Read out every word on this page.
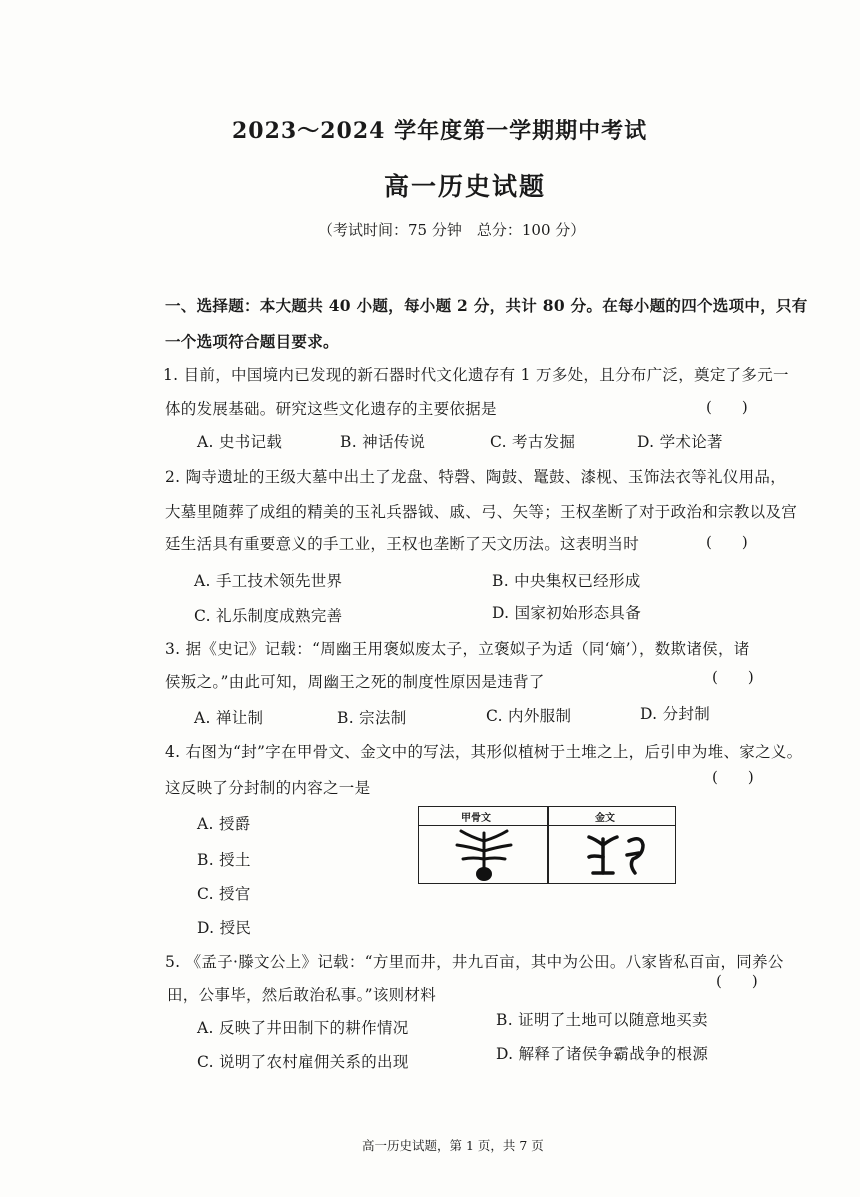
2023～2024 学年度第一学期期中考试
高一历史试题
（考试时间：75 分钟　总分：100 分）
一、选择题：本大题共 40 小题，每小题 2 分，共计 80 分。在每小题的四个选项中，只有
一个选项符合题目要求。
1. 目前，中国境内已发现的新石器时代文化遗存有 1 万多处，且分布广泛，奠定了多元一
体的发展基础。研究这些文化遗存的主要依据是	(　　)
A. 史书记载	B. 神话传说	C. 考古发掘	D. 学术论著
2. 陶寺遗址的王级大墓中出土了龙盘、特磬、陶鼓、鼍鼓、漆枧、玉饰法衣等礼仪用品，
大墓里随葬了成组的精美的玉礼兵器钺、戚、弓、矢等；王权垄断了对于政治和宗教以及宫
廷生活具有重要意义的手工业，王权也垄断了天文历法。这表明当时	(　　)
A. 手工技术领先世界	B. 中央集权已经形成
C. 礼乐制度成熟完善	D. 国家初始形态具备
3. 据《史记》记载：“周幽王用褒姒废太子，立褒姒子为适（同‘嫡’），数欺诸侯，诸
侯叛之。”由此可知，周幽王之死的制度性原因是违背了	(　　)
A. 禅让制	B. 宗法制	C. 内外服制	D. 分封制
4. 右图为“封”字在甲骨文、金文中的写法，其形似植树于土堆之上，后引申为堆、家之义。
这反映了分封制的内容之一是
(　　)
A. 授爵
B. 授土
C. 授官
D. 授民
甲骨文	金文
5. 《孟子·滕文公上》记载：“方里而井，井九百亩，其中为公田。八家皆私百亩，同养公
田，公事毕，然后敢治私事。”该则材料
(　　)
A. 反映了井田制下的耕作情况	B. 证明了土地可以随意地买卖
C. 说明了农村雇佣关系的出现	D. 解释了诸侯争霸战争的根源
高一历史试题，第 1 页，共 7 页
